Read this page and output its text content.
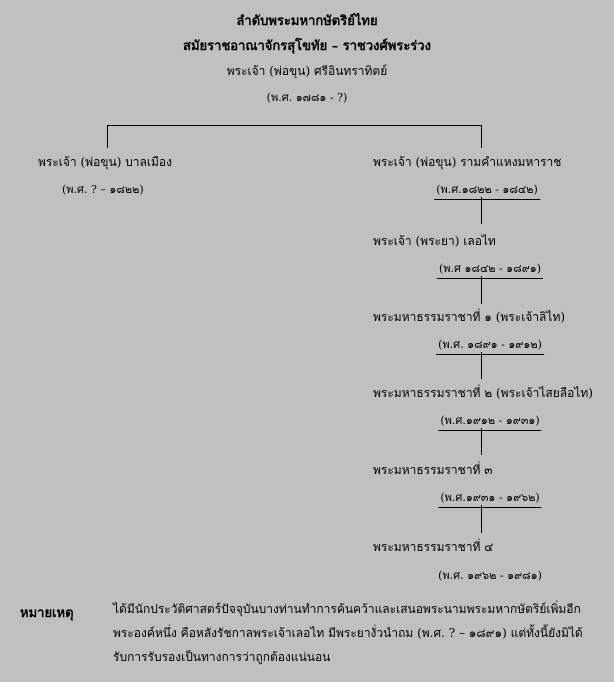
ลำดับพระมหากษัตริย์ไทย
สมัยราชอาณาจักรสุโขทัย – ราชวงศ์พระร่วง
พระเจ้า (พ่อขุน) ศรีอินทราทิตย์
(พ.ศ. ๑๗๘๑ - ?)
พระเจ้า (พ่อขุน) บาลเมือง
(พ.ศ. ? – ๑๘๒๒)
พระเจ้า (พ่อขุน) รามคำแหงมหาราช
(พ.ศ.๑๘๒๒ - ๑๘๔๒)
พระเจ้า (พระยา) เลอไท
(พ.ศ ๑๘๔๒ - ๑๘๙๑)
พระมหาธรรมราชาที่ ๑ (พระเจ้าลิไท)
(พ.ศ. ๑๘๙๑ - ๑๙๑๒)
พระมหาธรรมราชาที่ ๒ (พระเจ้าไสยลือไท)
(พ.ศ.๑๙๑๒ - ๑๙๓๑)
พระมหาธรรมราชาที่ ๓
(พ.ศ.๑๙๓๑ - ๑๙๖๒)
พระมหาธรรมราชาที่ ๔
(พ.ศ. ๑๙๖๒ - ๑๙๘๑)
หมายเหตุ	ได้มีนักประวัติศาสตร์ปัจจุบันบางท่านทำการค้นคว้าและเสนอพระนามพระมหากษัตริย์เพิ่มอีกพระองค์หนึ่ง คือหลังรัชกาลพระเจ้าเลอไท มีพระยางั่วนำถม (พ.ศ. ? – ๑๘๙๑) แต่ทั้งนี้ยังมิได้รับการรับรองเป็นทางการว่าถูกต้องแน่นอน
